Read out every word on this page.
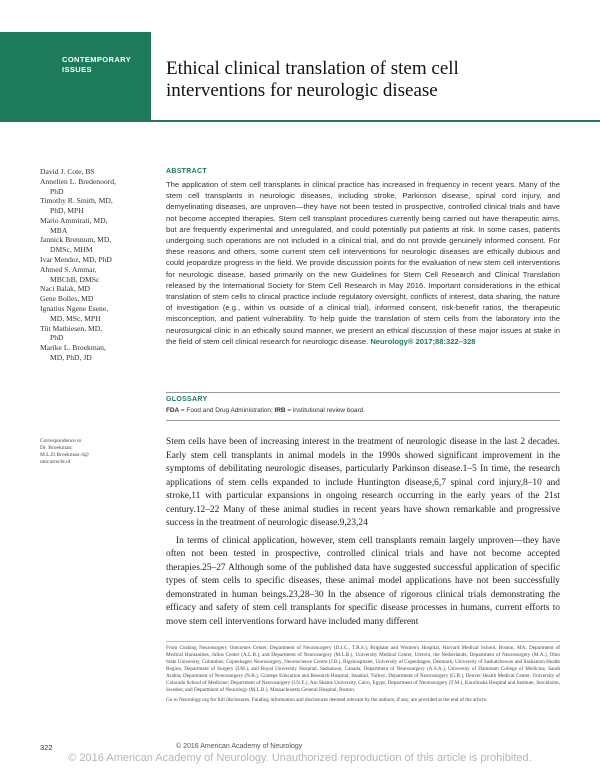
CONTEMPORARY
ISSUES	Ethical clinical translation of stem cell
interventions for neurologic disease
David J. Cote, BS
Annelien L. Bredenoord,
PhD
Timothy R. Smith, MD,
PhD, MPH
Mario Ammirati, MD,
MBA
Jannick Brennum, MD,
DMSc, MHM
Ivar Mendez, MD, PhD
Ahmed S. Ammar,
MBChB, DMSc
Naci Balak, MD
Gene Bolles, MD
Ignatius Ngene Esene,
MD, MSc, MPH
Tiit Mathiesen, MD,
PhD
Marike L. Broekman,
MD, PhD, JD
Correspondence to
Dr. Broekman:
M.L.D.Broekman-4@
umcutrecht.nl
ABSTRACT
The application of stem cell transplants in clinical practice has increased in frequency in recent years. Many of the stem cell transplants in neurologic diseases, including stroke, Parkinson disease, spinal cord injury, and demyelinating diseases, are unproven—they have not been tested in prospective, controlled clinical trials and have not become accepted therapies. Stem cell transplant procedures currently being carried out have therapeutic aims, but are frequently experimental and unregulated, and could potentially put patients at risk. In some cases, patients undergoing such operations are not included in a clinical trial, and do not provide genuinely informed consent. For these reasons and others, some current stem cell interventions for neurologic diseases are ethically dubious and could jeopardize progress in the field. We provide discussion points for the evaluation of new stem cell interventions for neurologic disease, based primarily on the new Guidelines for Stem Cell Research and Clinical Translation released by the International Society for Stem Cell Research in May 2016. Important considerations in the ethical translation of stem cells to clinical practice include regulatory oversight, conflicts of interest, data sharing, the nature of investigation (e.g., within vs outside of a clinical trial), informed consent, risk-benefit ratios, the therapeutic misconception, and patient vulnerability. To help guide the translation of stem cells from the laboratory into the neurosurgical clinic in an ethically sound manner, we present an ethical discussion of these major issues at stake in the field of stem cell clinical research for neurologic disease. Neurology® 2017;88:322–328
GLOSSARY
FDA = Food and Drug Administration; IRB = institutional review board.

Stem cells have been of increasing interest in the treatment of neurologic disease in the last 2 decades. Early stem cell transplants in animal models in the 1990s showed significant improvement in the symptoms of debilitating neurologic diseases, particularly Parkinson disease.1–5 In time, the research applications of stem cells expanded to include Huntington disease,6,7 spinal cord injury,8–10 and stroke,11 with particular expansions in ongoing research occurring in the early years of the 21st century.12–22 Many of these animal studies in recent years have shown remarkable and progressive success in the treatment of neurologic disease.9,23,24

In terms of clinical application, however, stem cell transplants remain largely unproven—they have often not been tested in prospective, controlled clinical trials and have not become accepted therapies.25–27 Although some of the published data have suggested successful application of specific types of stem cells to specific diseases, these animal model applications have not been successfully demonstrated in human beings.23,28–30 In the absence of rigorous clinical trials demonstrating the efficacy and safety of stem cell transplants for specific disease processes in humans, current efforts to move stem cell interventions forward have included many different

From Cushing Neurosurgery Outcomes Center, Department of Neurosurgery (D.J.C., T.R.S.), Brigham and Women's Hospital, Harvard Medical School, Boston, MA; Department of Medical Humanities, Julius Center (A.L.B.), and Department of Neurosurgery (M.L.B.), University Medical Center, Utrecht, the Netherlands; Department of Neurosurgery (M.A.), Ohio State University, Columbus; Copenhagen Neurosurgery, Neuroscience Centre (J.B.), Rigshospitalet, University of Copenhagen, Denmark; University of Saskatchewan and Saskatoon Health Region, Department of Surgery (I.M.), and Royal University Hospital, Saskatoon, Canada; Department of Neurosurgery (A.S.A.), University of Dammam College of Medicine, Saudi Arabia; Department of Neurosurgery (N.B.), Göztepe Education and Research Hospital, Istanbul, Turkey; Department of Neurosurgery (G.B.), Denver Health Medical Center, University of Colorado School of Medicine; Department of Neurosurgery (I.N.E.), Ain Shams University, Cairo, Egypt; Department of Neurosurgery (T.M.), Karolinska Hospital and Institute, Stockholm, Sweden; and Department of Neurology (M.L.B.), Massachusetts General Hospital, Boston.

Go to Neurology.org for full disclosures. Funding information and disclosures deemed relevant by the authors, if any, are provided at the end of the article.

322	© 2016 American Academy of Neurology
© 2016 American Academy of Neurology. Unauthorized reproduction of this article is prohibited.
